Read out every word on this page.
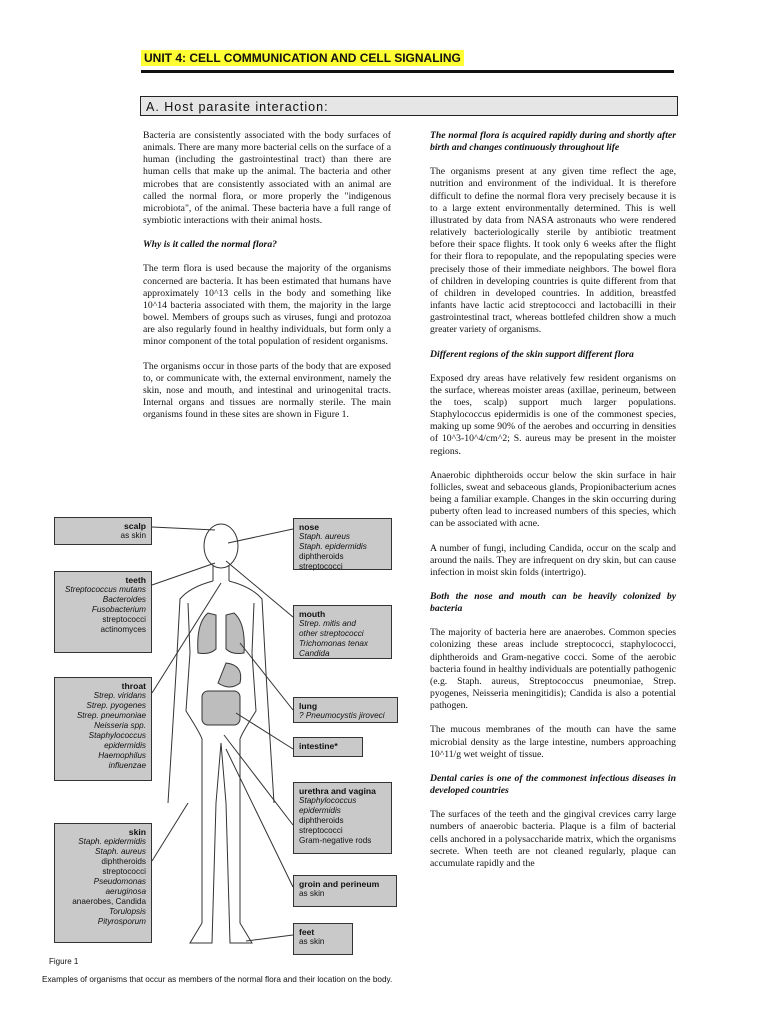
UNIT 4: CELL COMMUNICATION AND CELL SIGNALING
A. Host parasite interaction:

Bacteria are consistently associated with the body surfaces of animals. There are many more bacterial cells on the surface of a human (including the gastrointestinal tract) than there are human cells that make up the animal. The bacteria and other microbes that are consistently associated with an animal are called the normal flora, or more properly the "indigenous microbiota", of the animal. These bacteria have a full range of symbiotic interactions with their animal hosts.

Why is it called the normal flora?

The term flora is used because the majority of the organisms concerned are bacteria. It has been estimated that humans have approximately 10^13 cells in the body and something like 10^14 bacteria associated with them, the majority in the large bowel. Members of groups such as viruses, fungi and protozoa are also regularly found in healthy individuals, but form only a minor component of the total population of resident organisms.

The organisms occur in those parts of the body that are exposed to, or communicate with, the external environment, namely the skin, nose and mouth, and intestinal and urinogenital tracts. Internal organs and tissues are normally sterile. The main organisms found in these sites are shown in Figure 1.

The normal flora is acquired rapidly during and shortly after birth and changes continuously throughout life

The organisms present at any given time reflect the age, nutrition and environment of the individual. It is therefore difficult to define the normal flora very precisely because it is to a large extent environmentally determined. This is well illustrated by data from NASA astronauts who were rendered relatively bacteriologically sterile by antibiotic treatment before their space flights. It took only 6 weeks after the flight for their flora to repopulate, and the repopulating species were precisely those of their immediate neighbors. The bowel flora of children in developing countries is quite different from that of children in developed countries. In addition, breastfed infants have lactic acid streptococci and lactobacilli in their gastrointestinal tract, whereas bottlefed children show a much greater variety of organisms.

Different regions of the skin support different flora

Exposed dry areas have relatively few resident organisms on the surface, whereas moister areas (axillae, perineum, between the toes, scalp) support much larger populations. Staphylococcus epidermidis is one of the commonest species, making up some 90% of the aerobes and occurring in densities of 10^3-10^4/cm^2; S. aureus may be present in the moister regions.

Anaerobic diphtheroids occur below the skin surface in hair follicles, sweat and sebaceous glands, Propionibacterium acnes being a familiar example. Changes in the skin occurring during puberty often lead to increased numbers of this species, which can be associated with acne.

A number of fungi, including Candida, occur on the scalp and around the nails. They are infrequent on dry skin, but can cause infection in moist skin folds (intertrigo).

Both the nose and mouth can be heavily colonized by bacteria

The majority of bacteria here are anaerobes. Common species colonizing these areas include streptococci, staphylococci, diphtheroids and Gram-negative cocci. Some of the aerobic bacteria found in healthy individuals are potentially pathogenic (e.g. Staph. aureus, Streptococcus pneumoniae, Strep. pyogenes, Neisseria meningitidis); Candida is also a potential pathogen.

The mucous membranes of the mouth can have the same microbial density as the large intestine, numbers approaching 10^11/g wet weight of tissue.

Dental caries is one of the commonest infectious diseases in developed countries

The surfaces of the teeth and the gingival crevices carry large numbers of anaerobic bacteria. Plaque is a film of bacterial cells anchored in a polysaccharide matrix, which the organisms secrete. When teeth are not cleaned regularly, plaque can accumulate rapidly and the

scalp
as skin
teeth
Streptococcus mutans
Bacteroides
Fusobacterium
streptococci
actinomyces
throat
Strep. viridans
Strep. pyogenes
Strep. pneumoniae
Neisseria spp.
Staphylococcus
epidermidis
Haemophilus
influenzae
skin
Staph. epidermidis
Staph. aureus
diphtheroids
streptococci
Pseudomonas
aeruginosa
anaerobes, Candida
Torulopsis
Pityrosporum
nose
Staph. aureus
Staph. epidermidis
diphtheroids
streptococci
mouth
Strep. mitis and
other streptococci
Trichomonas tenax
Candida
lung
? Pneumocystis jiroveci
intestine*
urethra and vagina
Staphylococcus
epidermidis
diphtheroids
streptococci
Gram-negative rods
groin and perineum
as skin
feet
as skin
Figure 1
Examples of organisms that occur as members of the normal flora and their location on the body.
